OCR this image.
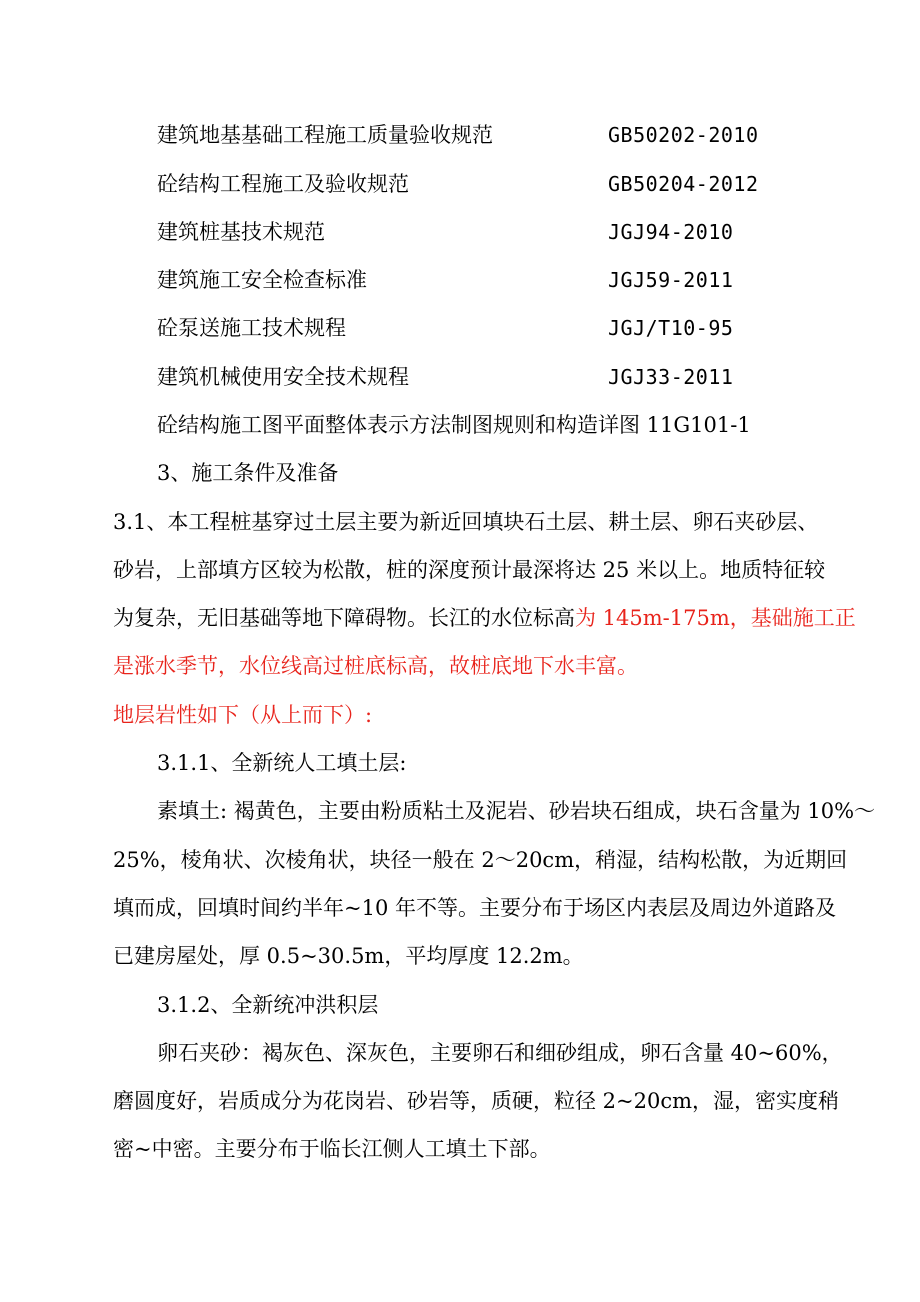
建筑地基基础工程施工质量验收规范	GB50202-2010
砼结构工程施工及验收规范	GB50204-2012
建筑桩基技术规范	JGJ94-2010
建筑施工安全检查标准	JGJ59-2011
砼泵送施工技术规程	JGJ/T10-95
建筑机械使用安全技术规程	JGJ33-2011
砼结构施工图平面整体表示方法制图规则和构造详图 11G101-1
3、施工条件及准备
3.1、本工程桩基穿过土层主要为新近回填块石土层、耕土层、卵石夹砂层、
砂岩，上部填方区较为松散，桩的深度预计最深将达 25 米以上。地质特征较
为复杂，无旧基础等地下障碍物。长江的水位标高为 145m-175m，基础施工正
是涨水季节，水位线高过桩底标高，故桩底地下水丰富。
地层岩性如下（从上而下）:
3.1.1、全新统人工填土层:
素填土: 褐黄色，主要由粉质粘土及泥岩、砂岩块石组成，块石含量为 10%～
25%，棱角状、次棱角状，块径一般在 2～20cm，稍湿，结构松散，为近期回
填而成，回填时间约半年~10 年不等。主要分布于场区内表层及周边外道路及
已建房屋处，厚 0.5~30.5m，平均厚度 12.2m。
3.1.2、全新统冲洪积层
卵石夹砂：褐灰色、深灰色，主要卵石和细砂组成，卵石含量 40~60%，
磨圆度好，岩质成分为花岗岩、砂岩等，质硬，粒径 2~20cm，湿，密实度稍
密~中密。主要分布于临长江侧人工填土下部。
